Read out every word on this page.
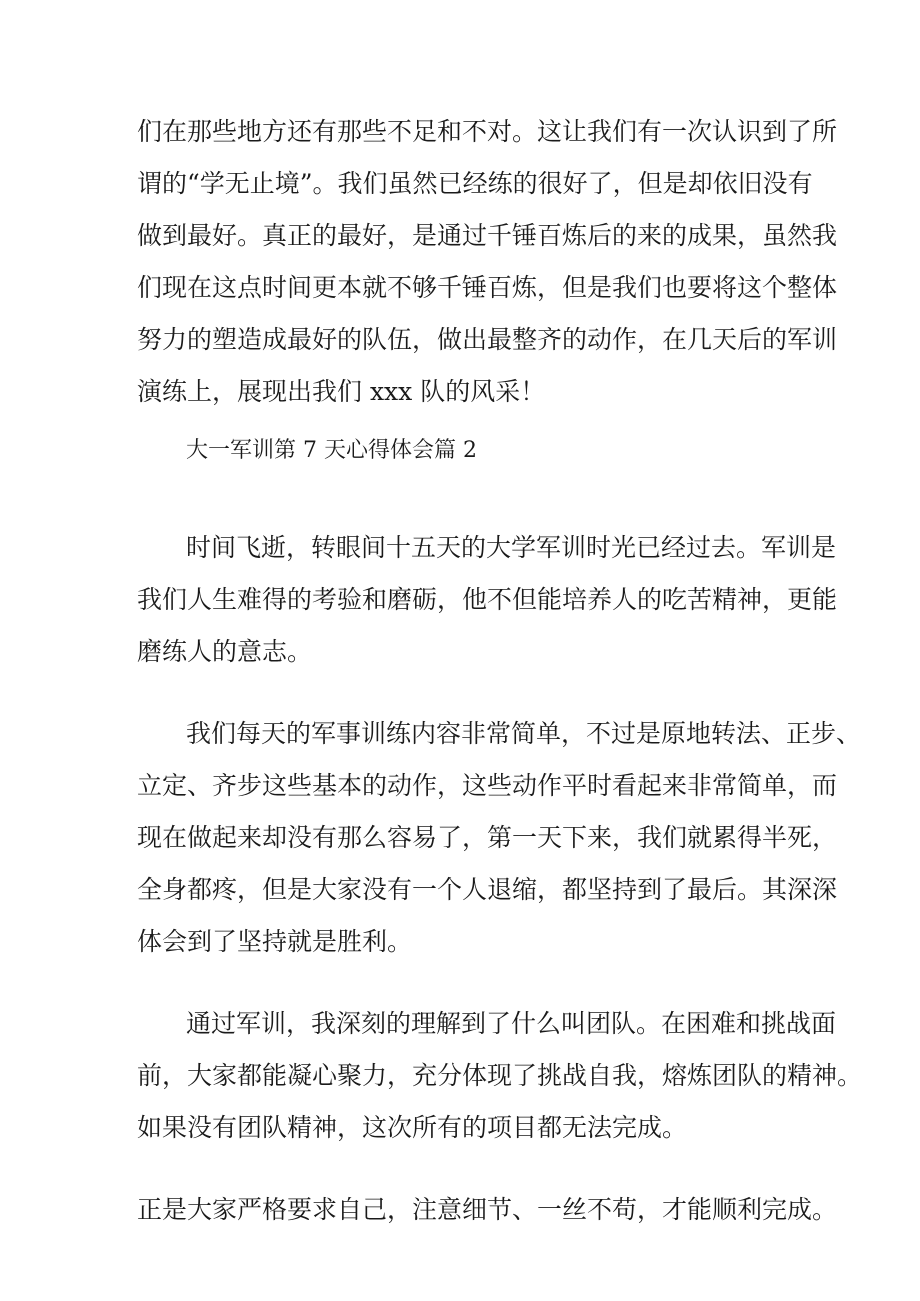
们在那些地方还有那些不足和不对。这让我们有一次认识到了所
谓的“学无止境”。我们虽然已经练的很好了，但是却依旧没有
做到最好。真正的最好，是通过千锤百炼后的来的成果，虽然我
们现在这点时间更本就不够千锤百炼，但是我们也要将这个整体
努力的塑造成最好的队伍，做出最整齐的动作，在几天后的军训
演练上，展现出我们 xxx 队的风采！
大一军训第 7 天心得体会篇 2
时间飞逝，转眼间十五天的大学军训时光已经过去。军训是
我们人生难得的考验和磨砺，他不但能培养人的吃苦精神，更能
磨练人的意志。
我们每天的军事训练内容非常简单，不过是原地转法、正步、
立定、齐步这些基本的动作，这些动作平时看起来非常简单，而
现在做起来却没有那么容易了，第一天下来，我们就累得半死，
全身都疼，但是大家没有一个人退缩，都坚持到了最后。其深深
体会到了坚持就是胜利。
通过军训，我深刻的理解到了什么叫团队。在困难和挑战面
前，大家都能凝心聚力，充分体现了挑战自我，熔炼团队的精神。
如果没有团队精神，这次所有的项目都无法完成。
正是大家严格要求自己，注意细节、一丝不苟，才能顺利完成。
